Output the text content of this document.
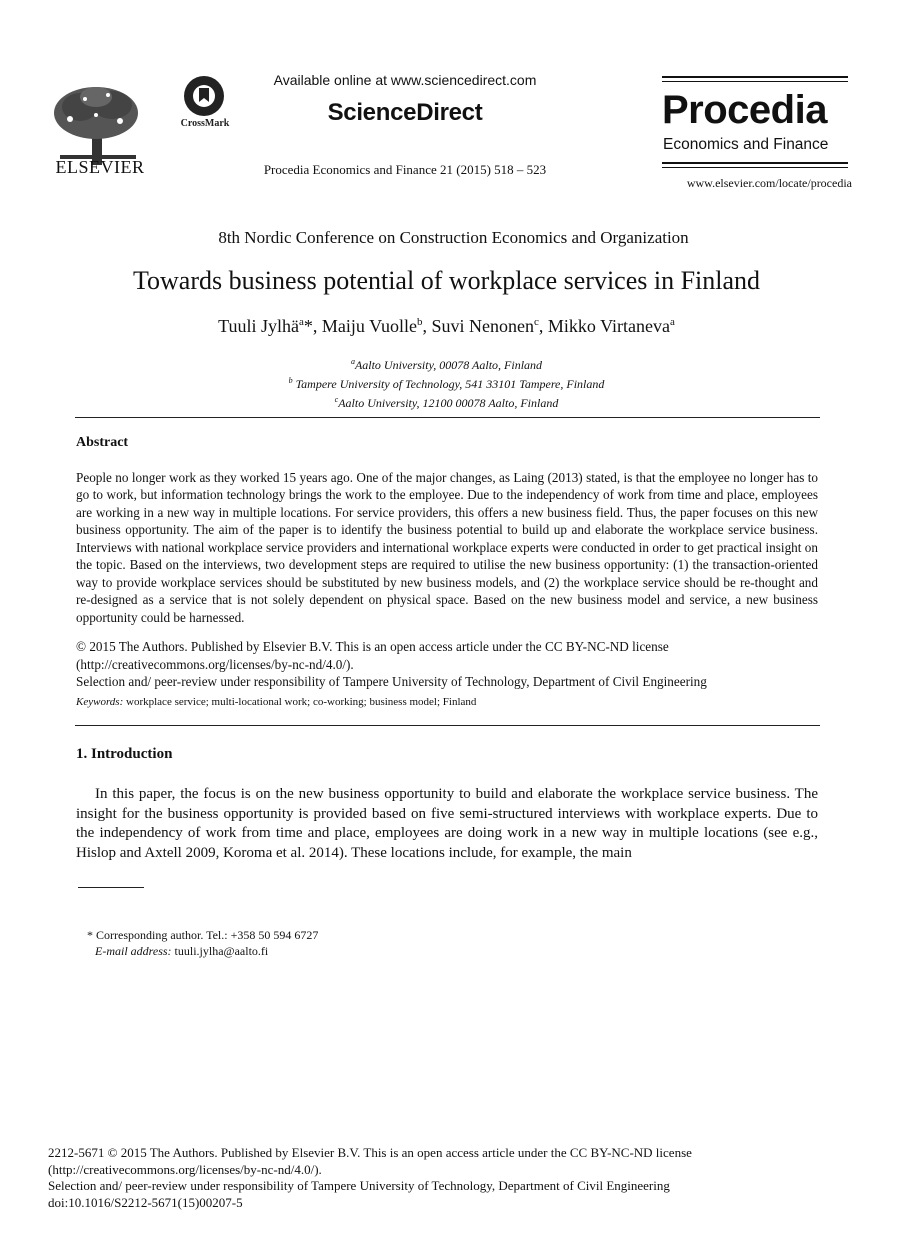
ELSEVIER
CrossMark
Available online at www.sciencedirect.com
ScienceDirect
Procedia Economics and Finance 21 (2015) 518 – 523
Procedia
Economics and Finance
www.elsevier.com/locate/procedia
8th Nordic Conference on Construction Economics and Organization
Towards business potential of workplace services in Finland
Tuuli Jylhä$^a$*, Maiju Vuolle$^b$, Suvi Nenonen$^c$, Mikko Virtaneva$^a$
$^a$Aalto University, 00078 Aalto, Finland
$^b$ Tampere University of Technology, 541 33101 Tampere, Finland
$^c$Aalto University, 12100 00078 Aalto, Finland
Abstract
People no longer work as they worked 15 years ago. One of the major changes, as Laing (2013) stated, is that the employee no longer has to go to work, but information technology brings the work to the employee. Due to the independency of work from time and place, employees are working in a new way in multiple locations. For service providers, this offers a new business field. Thus, the paper focuses on this new business opportunity. The aim of the paper is to identify the business potential to build up and elaborate the workplace service business. Interviews with national workplace service providers and international workplace experts were conducted in order to get practical insight on the topic. Based on the interviews, two development steps are required to utilise the new business opportunity: (1) the transaction-oriented way to provide workplace services should be substituted by new business models, and (2) the workplace service should be re-thought and re-designed as a service that is not solely dependent on physical space. Based on the new business model and service, a new business opportunity could be harnessed.
© 2015 The Authors. Published by Elsevier B.V. This is an open access article under the CC BY-NC-ND license
(http://creativecommons.org/licenses/by-nc-nd/4.0/).
Selection and/ peer-review under responsibility of Tampere University of Technology, Department of Civil Engineering
Keywords: workplace service; multi-locational work; co-working; business model; Finland
1. Introduction
In this paper, the focus is on the new business opportunity to build and elaborate the workplace service business. The insight for the business opportunity is provided based on five semi-structured interviews with workplace experts. Due to the independency of work from time and place, employees are doing work in a new way in multiple locations (see e.g., Hislop and Axtell 2009, Koroma et al. 2014). These locations include, for example, the main
* Corresponding author. Tel.: +358 50 594 6727
E-mail address: tuuli.jylha@aalto.fi
2212-5671 © 2015 The Authors. Published by Elsevier B.V. This is an open access article under the CC BY-NC-ND license
(http://creativecommons.org/licenses/by-nc-nd/4.0/).
Selection and/ peer-review under responsibility of Tampere University of Technology, Department of Civil Engineering
doi:10.1016/S2212-5671(15)00207-5
